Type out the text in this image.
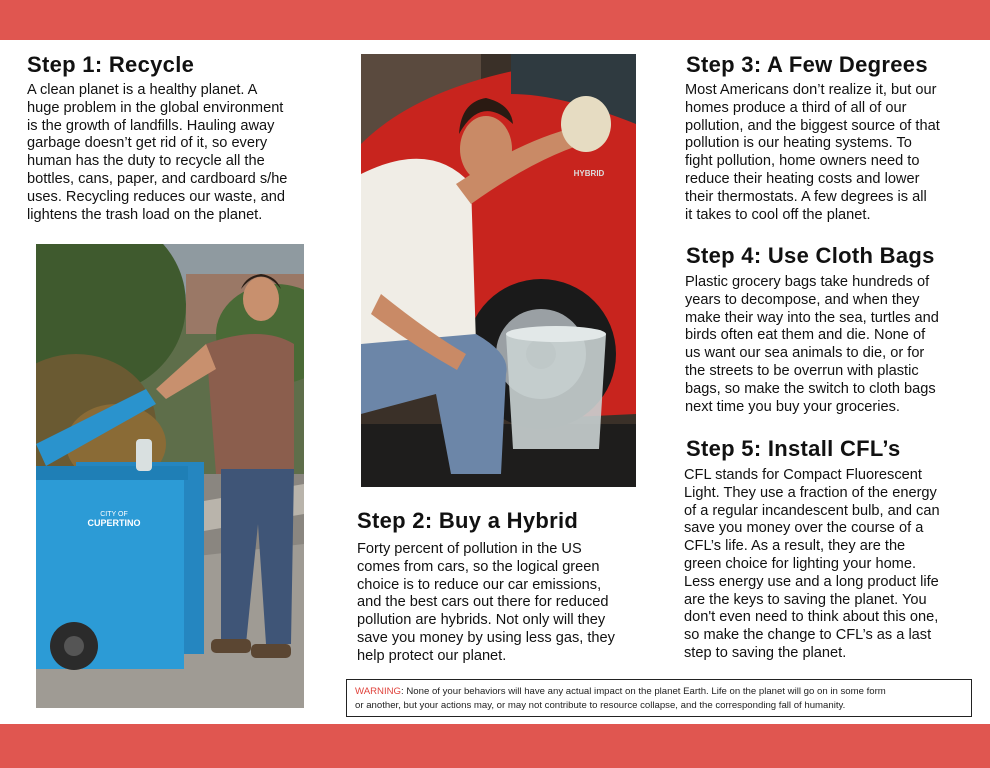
Step 1: Recycle
A clean planet is a healthy planet. A
huge problem in the global environment
is the growth of landfills. Hauling away
garbage doesn’t get rid of it, so every
human has the duty to recycle all the
bottles, cans, paper, and cardboard s/he
uses. Recycling reduces our waste, and
lightens the trash load on the planet.
CITY OF
CUPERTINO
HYBRID
Step 2: Buy a Hybrid
Forty percent of pollution in the US
comes from cars, so the logical green
choice is to reduce our car emissions,
and the best cars out there for reduced
pollution are hybrids. Not only will they
save you money by using less gas, they
help protect our planet.
Step 3: A Few Degrees
Most Americans don’t realize it, but our
homes produce a third of all of our
pollution, and the biggest source of that
pollution is our heating systems. To
fight pollution, home owners need to
reduce their heating costs and lower
their thermostats. A few degrees is all
it takes to cool off the planet.
Step 4: Use Cloth Bags
Plastic grocery bags take hundreds of
years to decompose, and when they
make their way into the sea, turtles and
birds often eat them and die. None of
us want our sea animals to die, or for
the streets to be overrun with plastic
bags, so make the switch to cloth bags
next time you buy your groceries.
Step 5: Install CFL’s
CFL stands for Compact Fluorescent
Light. They use a fraction of the energy
of a regular incandescent bulb, and can
save you money over the course of a
CFL’s life. As a result, they are the
green choice for lighting your home.
Less energy use and a long product life
are the keys to saving the planet. You
don't even need to think about this one,
so make the change to CFL’s as a last
step to saving the planet.
WARNING: None of your behaviors will have any actual impact on the planet Earth. Life on the planet will go on in some form
or another, but your actions may, or may not contribute to resource collapse, and the corresponding fall of humanity.
